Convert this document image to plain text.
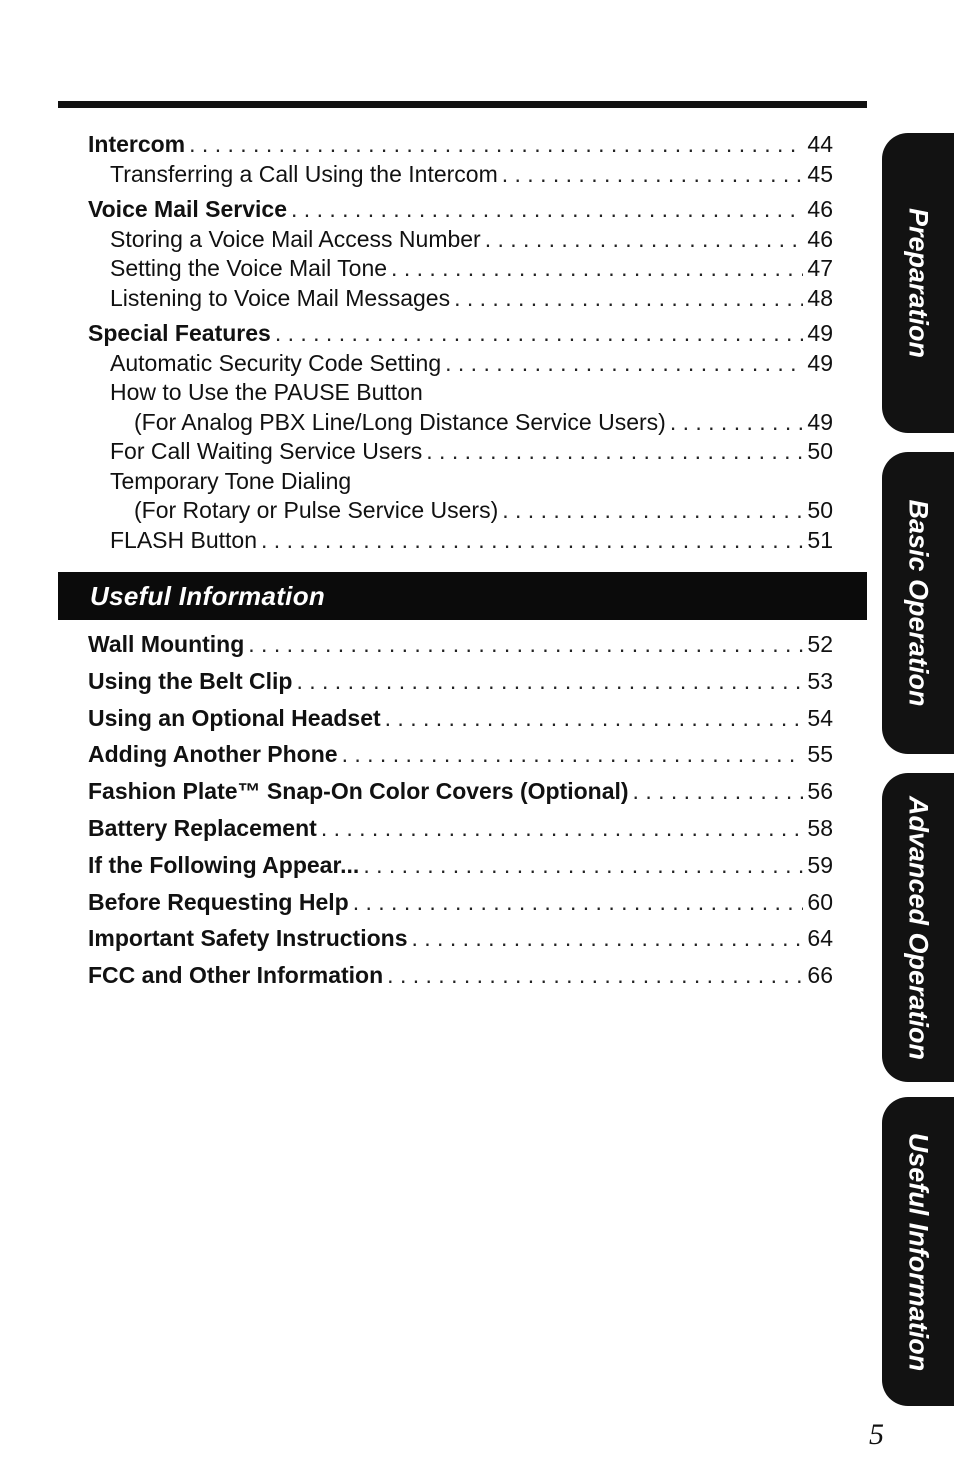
Intercom . . .	44
Transferring a Call Using the Intercom . . .	45
Voice Mail Service . . .	46
Storing a Voice Mail Access Number . . .	46
Setting the Voice Mail Tone . . .	47
Listening to Voice Mail Messages . . .	48
Special Features . . .	49
Automatic Security Code Setting . . .	49
How to Use the PAUSE Button
(For Analog PBX Line/Long Distance Service Users) . . .	49
For Call Waiting Service Users . . .	50
Temporary Tone Dialing
(For Rotary or Pulse Service Users) . . .	50
FLASH Button . . .	51
Useful Information
Wall Mounting . . .	52
Using the Belt Clip . . .	53
Using an Optional Headset . . .	54
Adding Another Phone . . .	55
Fashion Plate™ Snap-On Color Covers (Optional) . . .	56
Battery Replacement . . .	58
If the Following Appear... . . .	59
Before Requesting Help . . .	60
Important Safety Instructions . . .	64
FCC and Other Information . . .	66
Preparation
Basic Operation
Advanced Operation
Useful Information
5
